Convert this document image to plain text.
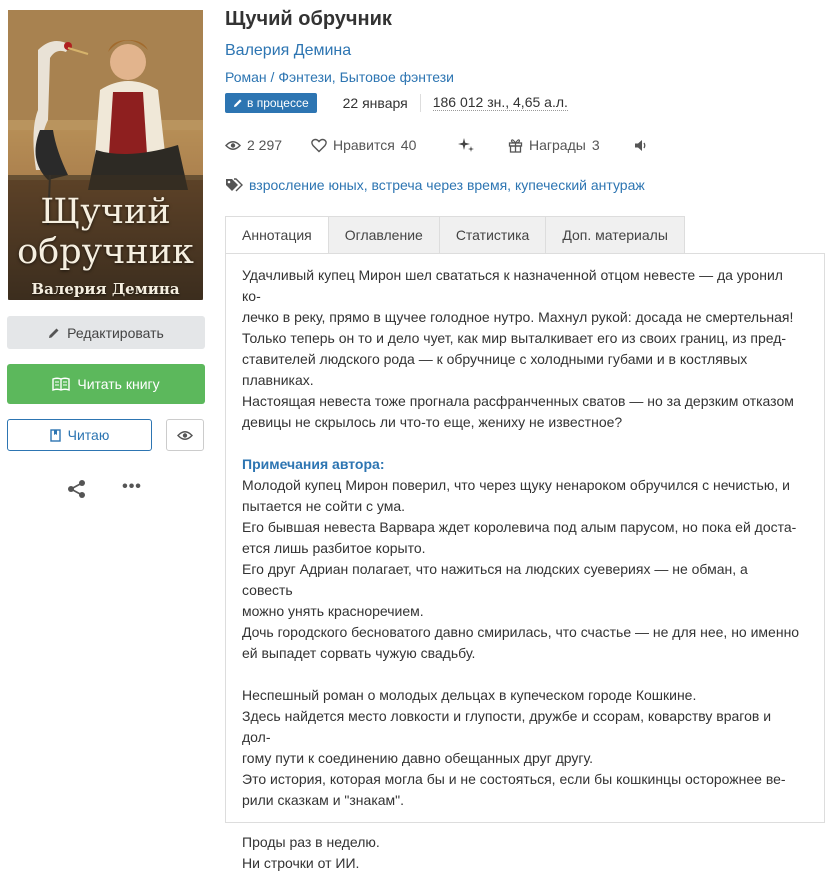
Щучий
обручник
Валерия Демина
Редактировать
Читать книгу
Читаю
•••
Щучий обручник
Валерия Демина
Роман / Фэнтези, Бытовое фэнтези
в процессе 22 января 186 012 зн., 4,65 а.л.
2 297	Нравится 40	Награды 3
взросление юных, встреча через время, купеческий антураж
Аннотация	Оглавление	Статистика	Доп. материалы

Удачливый купец Мирон шел свататься к назначенной отцом невесте — да уронил ко-

лечко в реку, прямо в щучее голодное нутро. Махнул рукой: досада не смертельная!

Только теперь он то и дело чует, как мир выталкивает его из своих границ, из пред-

ставителей людского рода — к обручнице с холодными губами и в костлявых

плавниках.

Настоящая невеста тоже прогнала расфранченных сватов — но за дерзким отказом

девицы не скрылось ли что-то еще, жениху не известное?

Примечания автора:

Молодой купец Мирон поверил, что через щуку ненароком обручился с нечистью, и

пытается не сойти с ума.

Его бывшая невеста Варвара ждет королевича под алым парусом, но пока ей доста-

ется лишь разбитое корыто.

Его друг Адриан полагает, что нажиться на людских суевериях — не обман, а совесть

можно унять красноречием.

Дочь городского бесноватого давно смирилась, что счастье — не для нее, но именно

ей выпадет сорвать чужую свадьбу.

Неспешный роман о молодых дельцах в купеческом городе Кошкине.

Здесь найдется место ловкости и глупости, дружбе и ссорам, коварству врагов и дол-

гому пути к соединению давно обещанных друг другу.

Это история, которая могла бы и не состояться, если бы кошкинцы осторожнее ве-

рили сказкам и "знакам".

Проды раз в неделю.

Ни строчки от ИИ.
